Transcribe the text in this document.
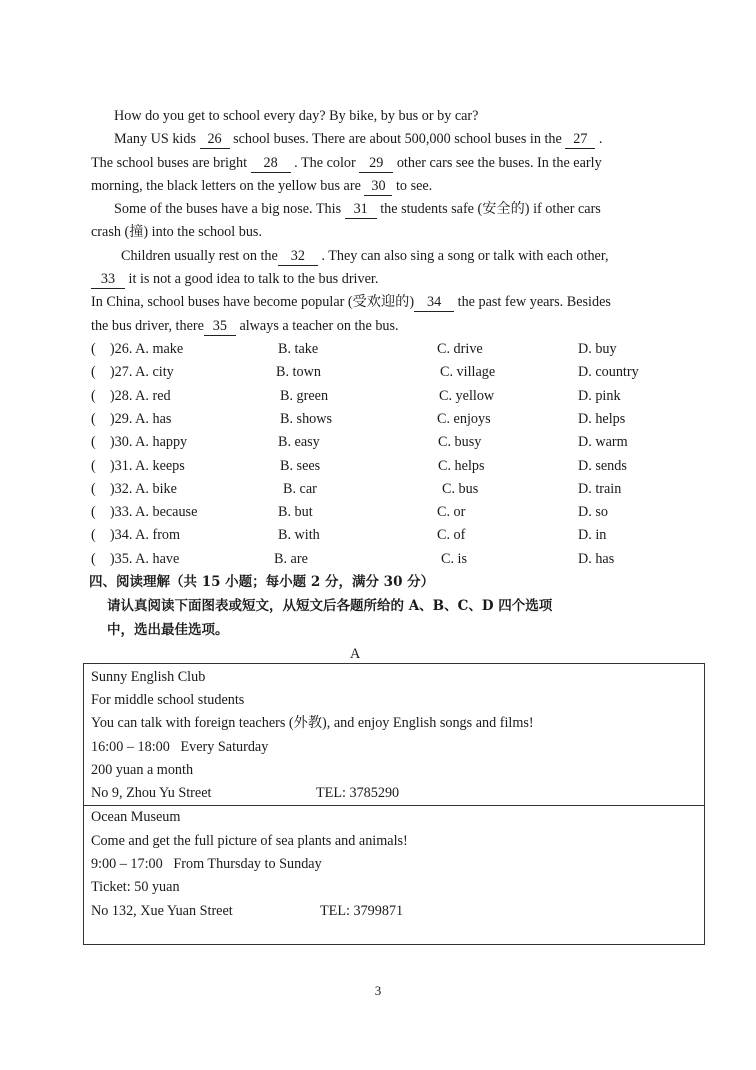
How do you get to school every day? By bike, by bus or by car?
Many US kids 26 school buses. There are about 500,000 school buses in the 27 .
The school buses are bright 28 . The color 29 other cars see the buses. In the early
morning, the black letters on the yellow bus are 30 to see.
Some of the buses have a big nose. This 31 the students safe (安全的) if other cars
crash (撞) into the school bus.
Children usually rest on the 32 . They can also sing a song or talk with each other,
33 it is not a good idea to talk to the bus driver.
In China, school buses have become popular (受欢迎的) 34 the past few years. Besides
the bus driver, there 35 always a teacher on the bus.
(    )26. A. make	B. take	C. drive	D. buy
(    )27. A. city	B. town	C. village	D. country
(    )28. A. red	B. green	C. yellow	D. pink
(    )29. A. has	B. shows	C. enjoys	D. helps
(    )30. A. happy	B. easy	C. busy	D. warm
(    )31. A. keeps	B. sees	C. helps	D. sends
(    )32. A. bike	B. car	C. bus	D. train
(    )33. A. because	B. but	C. or	D. so
(    )34. A. from	B. with	C. of	D. in
(    )35. A. have	B. are	C. is	D. has
四、阅读理解（共 15 小题；每小题 2 分，满分 30 分）
请认真阅读下面图表或短文，从短文后各题所给的 A、B、C、D 四个选项
中，选出最佳选项。
A
Sunny English Club
For middle school students
You can talk with foreign teachers (外教), and enjoy English songs and films!
16:00 – 18:00   Every Saturday
200 yuan a month
No 9, Zhou Yu Street	TEL: 3785290
Ocean Museum
Come and get the full picture of sea plants and animals!
9:00 – 17:00   From Thursday to Sunday
Ticket: 50 yuan
No 132, Xue Yuan Street	TEL: 3799871
3
